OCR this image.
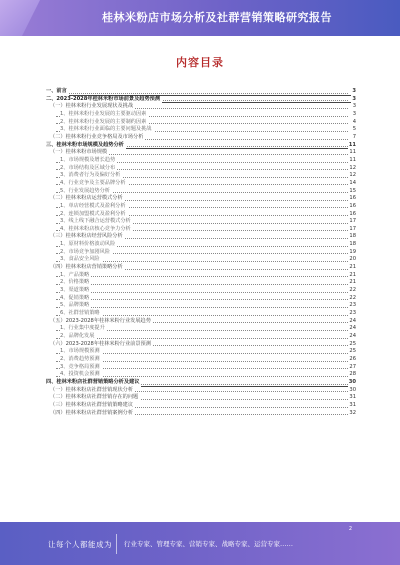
桂林米粉店市场分析及社群营销策略研究报告
内容目录
一、前言	3
二、2023-2028年桂林米粉市场前景及趋势预测	3
（一）桂林米粉行业发展现状及挑战	3
1、桂林米粉行业发展的主要驱动因素	3
2、桂林米粉行业发展的主要制约因素	4
3、桂林米粉行业面临的主要问题及挑战	5
（二）桂林米粉行业竞争格局及市场分析	7
三、桂林米粉市场规模及趋势分析	11
（一）桂林米粉市场规模	11
1、市场规模及增长趋势	11
2、市场结构及区域分布	12
3、消费者行为及偏好分析	12
4、行业竞争及主要品牌分析	14
5、行业发展趋势分析	15
（二）桂林米粉店运营模式分析	16
1、单店经营模式及盈利分析	16
2、连锁加盟模式及盈利分析	16
3、线上线下融合运营模式分析	17
4、桂林米粉店核心竞争力分析	17
（三）桂林米粉店经营风险分析	18
1、原材料价格波动风险	18
2、市场竞争加剧风险	19
3、食品安全风险	20
（四）桂林米粉店营销策略分析	21
1、产品策略	21
2、价格策略	21
3、渠道策略	22
4、促销策略	22
5、品牌策略	23
6、社群营销策略	23
（五）2023-2028年桂林米粉行业发展趋势	24
1、行业集中度提升	24
2、品牌化发展	24
（六）2023-2028年桂林米粉行业前景预测	25
1、市场规模预测	25
2、消费趋势预测	26
3、竞争格局预测	27
4、投资机会预测	28
四、桂林米粉店社群营销策略分析及建议	30
（一）桂林米粉店社群营销现状分析	30
（二）桂林米粉店社群营销存在的问题	31
（三）桂林米粉店社群营销策略建议	31
（四）桂林米粉店社群营销案例分析	32
2
让每个人都能成为 行业专家、管理专家、营销专家、战略专家、运营专家……
